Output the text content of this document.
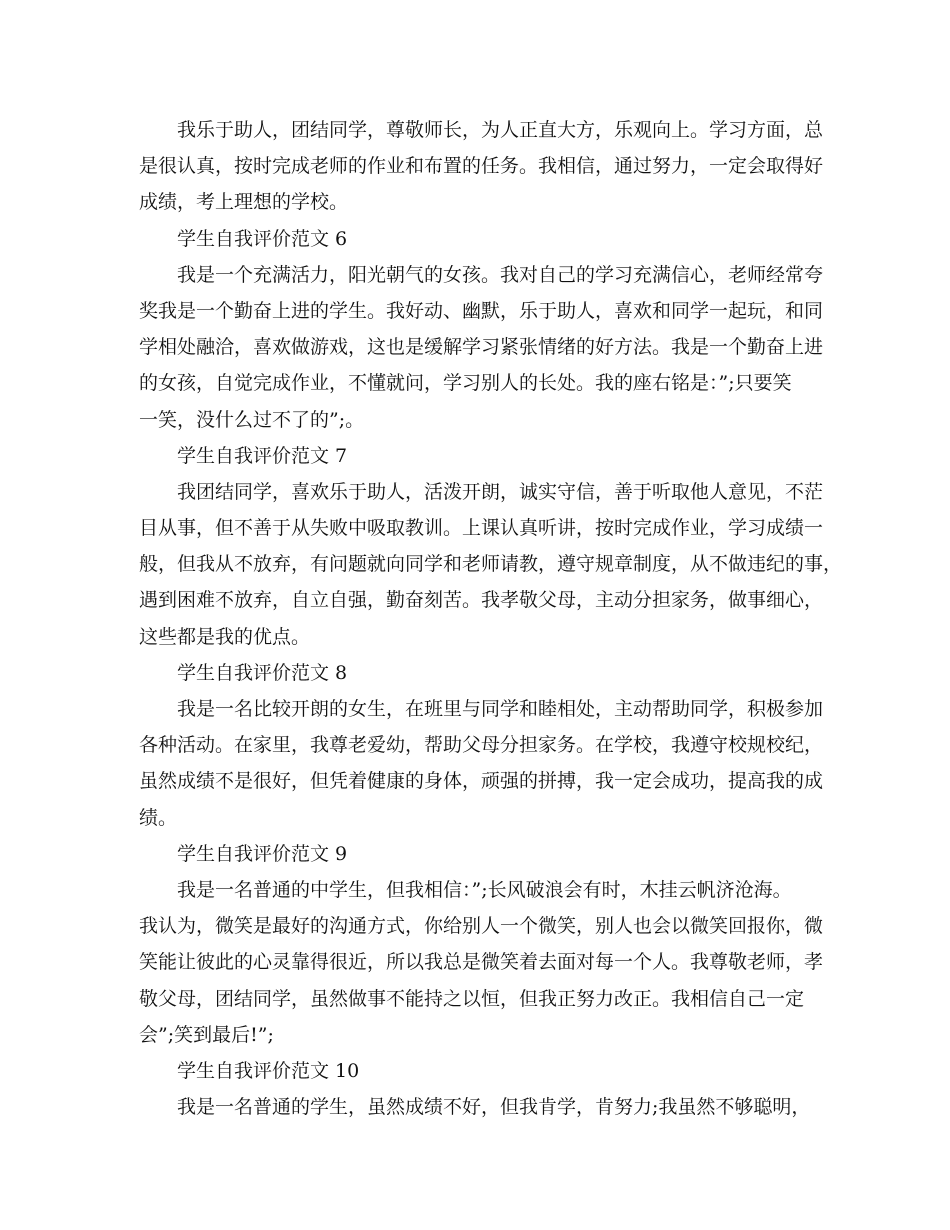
我乐于助人，团结同学，尊敬师长，为人正直大方，乐观向上。学习方面，总
是很认真，按时完成老师的作业和布置的任务。我相信，通过努力，一定会取得好
成绩，考上理想的学校。
学生自我评价范文 6
我是一个充满活力，阳光朝气的女孩。我对自己的学习充满信心，老师经常夸
奖我是一个勤奋上进的学生。我好动、幽默，乐于助人，喜欢和同学一起玩，和同
学相处融洽，喜欢做游戏，这也是缓解学习紧张情绪的好方法。我是一个勤奋上进
的女孩，自觉完成作业，不懂就问，学习别人的长处。我的座右铭是：”;只要笑
一笑，没什么过不了的”;。
学生自我评价范文 7
我团结同学，喜欢乐于助人，活泼开朗，诚实守信，善于听取他人意见，不茫
目从事，但不善于从失败中吸取教训。上课认真听讲，按时完成作业，学习成绩一
般，但我从不放弃，有问题就向同学和老师请教，遵守规章制度，从不做违纪的事，
遇到困难不放弃，自立自强，勤奋刻苦。我孝敬父母，主动分担家务，做事细心，
这些都是我的优点。
学生自我评价范文 8
我是一名比较开朗的女生，在班里与同学和睦相处，主动帮助同学，积极参加
各种活动。在家里，我尊老爱幼，帮助父母分担家务。在学校，我遵守校规校纪，
虽然成绩不是很好，但凭着健康的身体，顽强的拼搏，我一定会成功，提高我的成
绩。
学生自我评价范文 9
我是一名普通的中学生，但我相信：”;长风破浪会有时，木挂云帆济沧海。
我认为，微笑是最好的沟通方式，你给别人一个微笑，别人也会以微笑回报你，微
笑能让彼此的心灵靠得很近，所以我总是微笑着去面对每一个人。我尊敬老师，孝
敬父母，团结同学，虽然做事不能持之以恒，但我正努力改正。我相信自己一定
会”;笑到最后!”;
学生自我评价范文 10
我是一名普通的学生，虽然成绩不好，但我肯学，肯努力;我虽然不够聪明，
